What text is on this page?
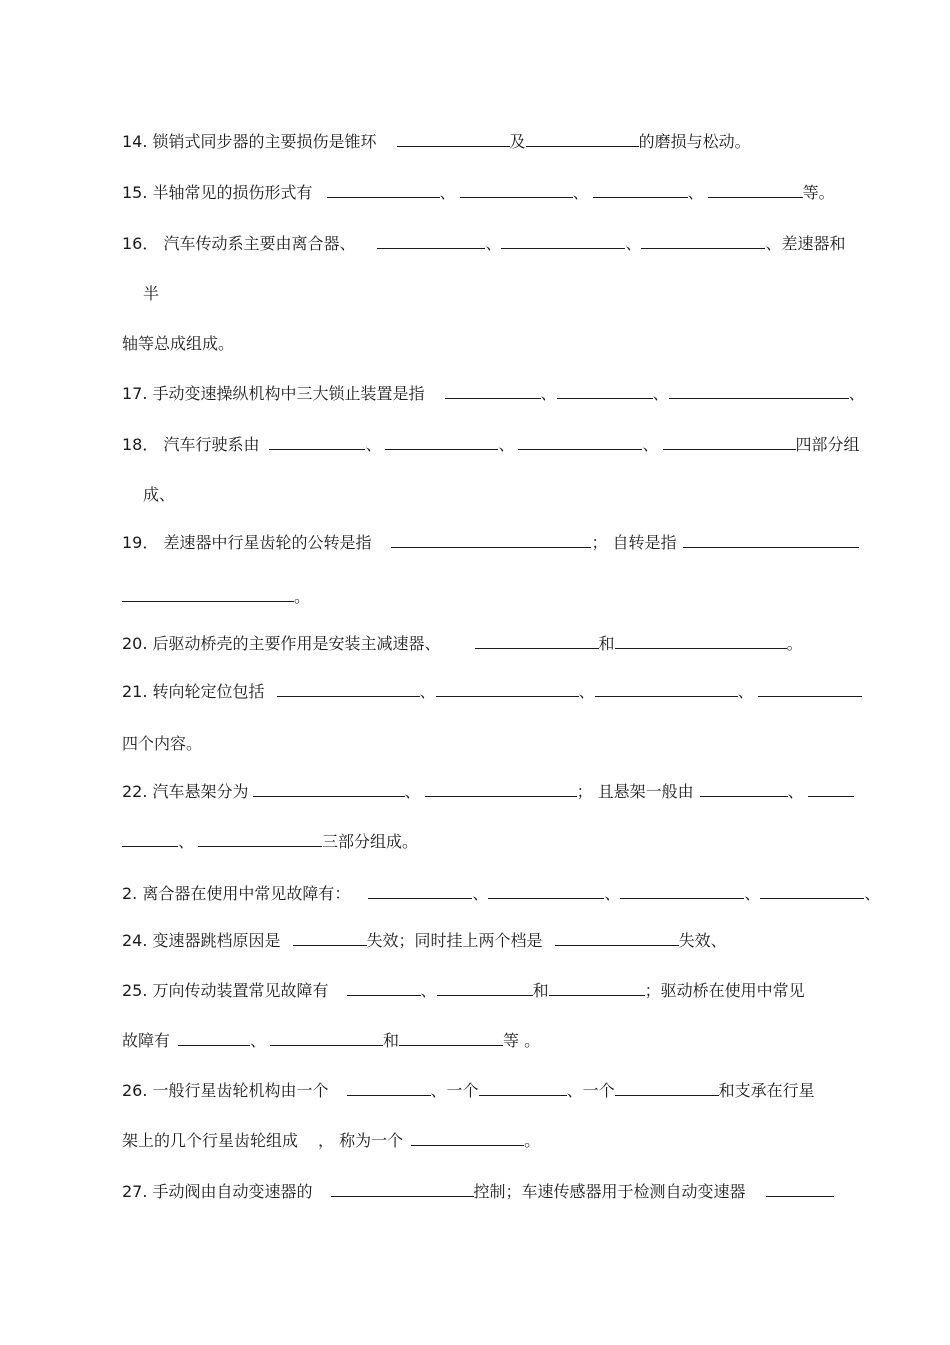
14. 锁销式同步器的主要损伤是锥环	及	的磨损与松动。
15. 半轴常见的损伤形式有	、	、	、	等。
16． 汽车传动系主要由离合器、	、	、	、差速器和
半
轴等总成组成。
17. 手动变速操纵机构中三大锁止装置是指	、	、	、
18． 汽车行驶系由	、	、	、	四部分组
成、
19． 差速器中行星齿轮的公转是指	； 自转是指
。
20. 后驱动桥壳的主要作用是安装主减速器、	和	。
21. 转向轮定位包括	、	、	、
四个内容。
22. 汽车悬架分为	、	； 且悬架一般由	、
、	三部分组成。
2. 离合器在使用中常见故障有：	、	、	、	、
24. 变速器跳档原因是	失效；同时挂上两个档是	失效、
25. 万向传动装置常见故障有	、	和	；驱动桥在使用中常见
故障有	、	和	等 。
26. 一般行星齿轮机构由一个	、一个	、一个	和支承在行星
架上的几个行星齿轮组成 ， 称为一个	。
27. 手动阀由自动变速器的	控制；车速传感器用于检测自动变速器
